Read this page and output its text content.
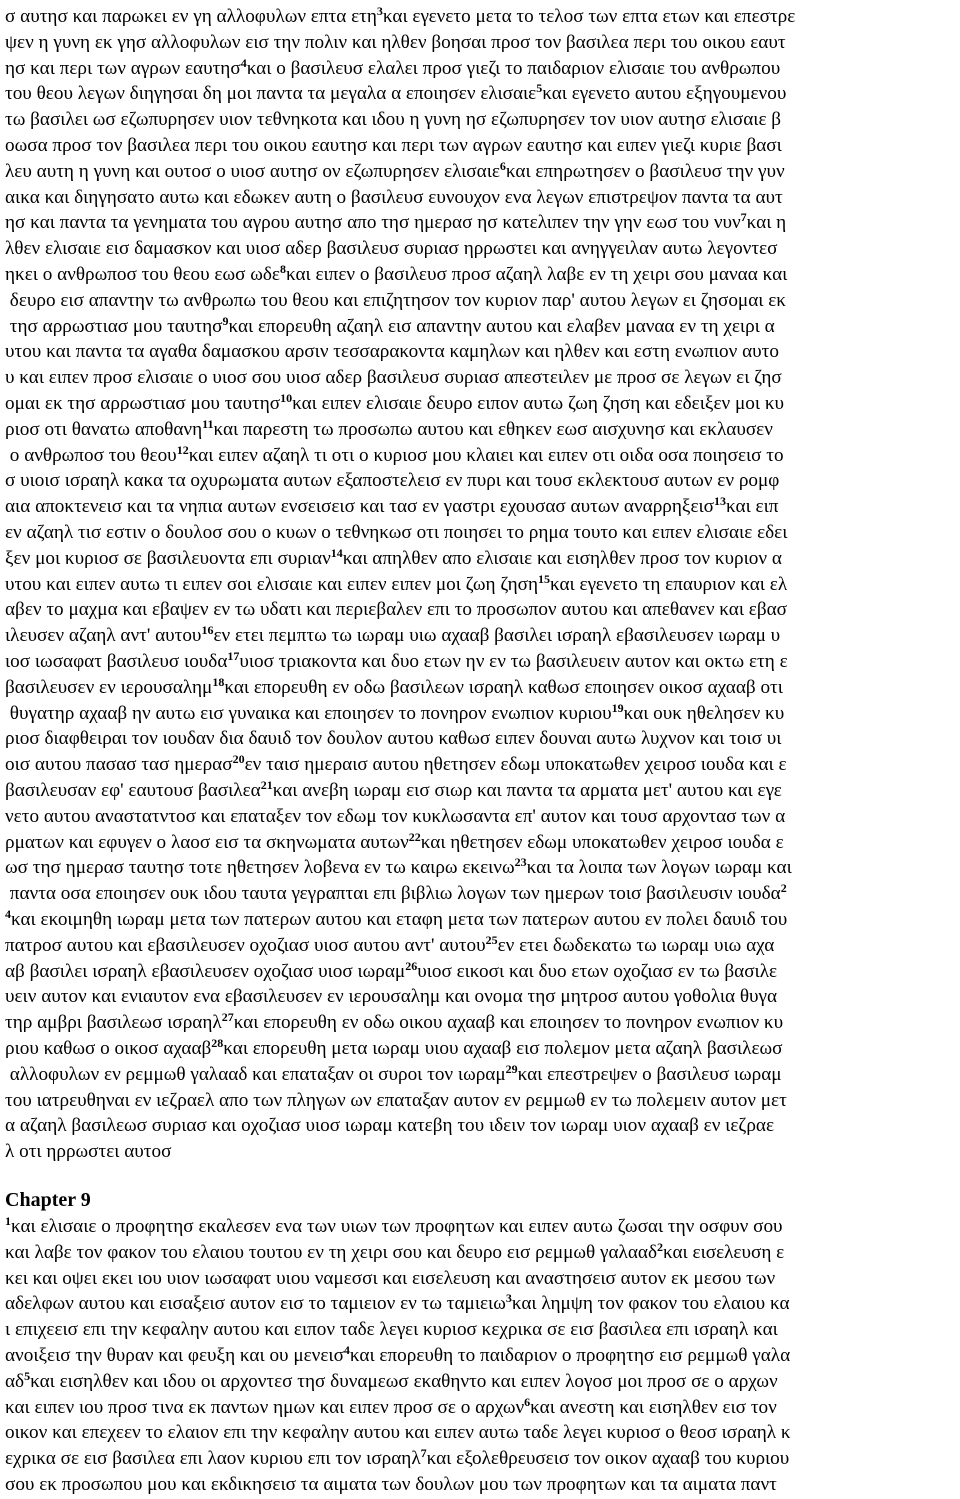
σ αυτησ και παρωκει εν γη αλλοφυλων επτα ετη$^3$και εγενετο μετα το τελοσ των επτα ετων και επεστρε
ψεν η γυνη εκ γησ αλλοφυλων εισ την πολιν και ηλθεν βοησαι προσ τον βασιλεα περι του οικου εαυτ
ησ και περι των αγρων εαυτησ$^4$και ο βασιλευσ ελαλει προσ γιεζι το παιδαριον ελισαιε του ανθρωπου
του θεου λεγων διηγησαι δη μοι παντα τα μεγαλα α εποιησεν ελισαιε$^5$και εγενετο αυτου εξηγουμενου
τω βασιλει ωσ εζωπυρησεν υιον τεθνηκοτα και ιδου η γυνη ησ εζωπυρησεν τον υιον αυτησ ελισαιε β
οωσα προσ τον βασιλεα περι του οικου εαυτησ και περι των αγρων εαυτησ και ειπεν γιεζι κυριε βασι
λευ αυτη η γυνη και ουτοσ ο υιοσ αυτησ ον εζωπυρησεν ελισαιε$^6$και επηρωτησεν ο βασιλευσ την γυν
αικα και διηγησατο αυτω και εδωκεν αυτη ο βασιλευσ ευνουχον ενα λεγων επιστρεψον παντα τα αυτ
ησ και παντα τα γενηματα του αγρου αυτησ απο τησ ημερασ ησ κατελιπεν την γην εωσ του νυν$^7$και η
λθεν ελισαιε εισ δαμασκον και υιοσ αδερ βασιλευσ συριασ ηρρωστει και ανηγγειλαν αυτω λεγοντεσ
ηκει ο ανθρωποσ του θεου εωσ ωδε$^8$και ειπεν ο βασιλευσ προσ αζαηλ λαβε εν τη χειρι σου μαναα και
δευρο εισ απαντην τω ανθρωπω του θεου και επιζητησον τον κυριον παρ' αυτου λεγων ει ζησομαι εκ
τησ αρρωστιασ μου ταυτησ$^9$και επορευθη αζαηλ εισ απαντην αυτου και ελαβεν μαναα εν τη χειρι α
υτου και παντα τα αγαθα δαμασκου αρσιν τεσσαρακοντα καμηλων και ηλθεν και εστη ενωπιον αυτο
υ και ειπεν προσ ελισαιε ο υιοσ σου υιοσ αδερ βασιλευσ συριασ απεστειλεν με προσ σε λεγων ει ζησ
ομαι εκ τησ αρρωστιασ μου ταυτησ$^{10}$και ειπεν ελισαιε δευρο ειπον αυτω ζωη ζηση και εδειξεν μοι κυ
ριοσ οτι θανατω αποθανη$^{11}$και παρεστη τω προσωπω αυτου και εθηκεν εωσ αισχυνησ και εκλαυσεν
ο ανθρωποσ του θεου$^{12}$και ειπεν αζαηλ τι οτι ο κυριοσ μου κλαιει και ειπεν οτι οιδα οσα ποιησεισ το
σ υιοισ ισραηλ κακα τα οχυρωματα αυτων εξαποστελεισ εν πυρι και τουσ εκλεκτουσ αυτων εν ρομφ
αια αποκτενεισ και τα νηπια αυτων ενσεισεισ και τασ εν γαστρι εχουσασ αυτων αναρρηξεισ$^{13}$και ειπ
εν αζαηλ τισ εστιν ο δουλοσ σου ο κυων ο τεθνηκωσ οτι ποιησει το ρημα τουτο και ειπεν ελισαιε εδει
ξεν μοι κυριοσ σε βασιλευοντα επι συριαν$^{14}$και απηλθεν απο ελισαιε και εισηλθεν προσ τον κυριον α
υτου και ειπεν αυτω τι ειπεν σοι ελισαιε και ειπεν ειπεν μοι ζωη ζηση$^{15}$και εγενετο τη επαυριον και ελ
αβεν το μαχμα και εβαψεν εν τω υδατι και περιεβαλεν επι το προσωπον αυτου και απεθανεν και εβασ
ιλευσεν αζαηλ αντ' αυτου$^{16}$εν ετει πεμπτω τω ιωραμ υιω αχααβ βασιλει ισραηλ εβασιλευσεν ιωραμ υ
ιοσ ιωσαφατ βασιλευσ ιουδα$^{17}$υιοσ τριακοντα και δυο ετων ην εν τω βασιλευειν αυτον και οκτω ετη ε
βασιλευσεν εν ιερουσαλημ$^{18}$και επορευθη εν οδω βασιλεων ισραηλ καθωσ εποιησεν οικοσ αχααβ οτι
θυγατηρ αχααβ ην αυτω εισ γυναικα και εποιησεν το πονηρον ενωπιον κυριου$^{19}$και ουκ ηθελησεν κυ
ριοσ διαφθειραι τον ιουδαν δια δαυιδ τον δουλον αυτου καθωσ ειπεν δουναι αυτω λυχνον και τοισ υι
οισ αυτου πασασ τασ ημερασ$^{20}$εν ταισ ημεραισ αυτου ηθετησεν εδωμ υποκατωθεν χειροσ ιουδα και ε
βασιλευσαν εφ' εαυτουσ βασιλεα$^{21}$και ανεβη ιωραμ εισ σιωρ και παντα τα αρματα μετ' αυτου και εγε
νετο αυτου αναστατντοσ και επαταξεν τον εδωμ τον κυκλωσαντα επ' αυτον και τουσ αρχοντασ των α
ρματων και εφυγεν ο λαοσ εισ τα σκηνωματα αυτων$^{22}$και ηθετησεν εδωμ υποκατωθεν χειροσ ιουδα ε
ωσ τησ ημερασ ταυτησ τοτε ηθετησεν λοβενα εν τω καιρω εκεινω$^{23}$και τα λοιπα των λογων ιωραμ και
παντα οσα εποιησεν ουκ ιδου ταυτα γεγραπται επι βιβλιω λογων των ημερων τοισ βασιλευσιν ιουδα$^2$
$^4$και εκοιμηθη ιωραμ μετα των πατερων αυτου και εταφη μετα των πατερων αυτου εν πολει δαυιδ του
πατροσ αυτου και εβασιλευσεν οχοζιασ υιοσ αυτου αντ' αυτου$^{25}$εν ετει δωδεκατω τω ιωραμ υιω αχα
αβ βασιλει ισραηλ εβασιλευσεν οχοζιασ υιοσ ιωραμ$^{26}$υιοσ εικοσι και δυο ετων οχοζιασ εν τω βασιλε
υειν αυτον και ενιαυτον ενα εβασιλευσεν εν ιερουσαλημ και ονομα τησ μητροσ αυτου γοθολια θυγα
τηρ αμβρι βασιλεωσ ισραηλ$^{27}$και επορευθη εν οδω οικου αχααβ και εποιησεν το πονηρον ενωπιον κυ
ριου καθωσ ο οικοσ αχααβ$^{28}$και επορευθη μετα ιωραμ υιου αχααβ εισ πολεμον μετα αζαηλ βασιλεωσ
αλλοφυλων εν ρεμμωθ γαλααδ και επαταξαν οι συροι τον ιωραμ$^{29}$και επεστρεψεν ο βασιλευσ ιωραμ
του ιατρευθηναι εν ιεζραελ απο των πληγων ων επαταξαν αυτον εν ρεμμωθ εν τω πολεμειν αυτον μετ
α αζαηλ βασιλεωσ συριασ και οχοζιασ υιοσ ιωραμ κατεβη του ιδειν τον ιωραμ υιον αχααβ εν ιεζραε
λ οτι ηρρωστει αυτοσ
Chapter 9
$^1$και ελισαιε ο προφητησ εκαλεσεν ενα των υιων των προφητων και ειπεν αυτω ζωσαι την οσφυν σου
και λαβε τον φακον του ελαιου τουτου εν τη χειρι σου και δευρο εισ ρεμμωθ γαλααδ$^2$και εισελευση ε
κει και οψει εκει ιου υιον ιωσαφατ υιου ναμεσσι και εισελευση και αναστησεισ αυτον εκ μεσου των
αδελφων αυτου και εισαξεισ αυτον εισ το ταμιειον εν τω ταμιειω$^3$και λημψη τον φακον του ελαιου κα
ι επιχεεισ επι την κεφαλην αυτου και ειπον ταδε λεγει κυριοσ κεχρικα σε εισ βασιλεα επι ισραηλ και
ανοιξεισ την θυραν και φευξη και ου μενεισ$^4$και επορευθη το παιδαριον ο προφητησ εισ ρεμμωθ γαλα
$\alpha\delta^5\kappa\alpha\iota$ εισηλθεν και ιδου οι αρχοντεσ τησ δυναμεωσ εκαθηντο και ειπεν λογοσ μοι προσ σε ο αρχων
και ειπεν ιου προσ τινα εκ παντων ημων και ειπεν προσ σε ο αρχων$^6$και ανεστη και εισηλθεν εισ τον
οικον και επεχεεν το ελαιον επι την κεφαλην αυτου και ειπεν αυτω ταδε λεγει κυριοσ ο θεοσ ισραηλ κ
εχρικα σε εισ βασιλεα επι λαον κυριου επι τον ισραηλ$^7$και εξολεθρευσεισ τον οικον αχααβ του κυριου
σου εκ προσωπου μου και εκδικησεισ τα αιματα των δουλων μου των προφητων και τα αιματα παντ
